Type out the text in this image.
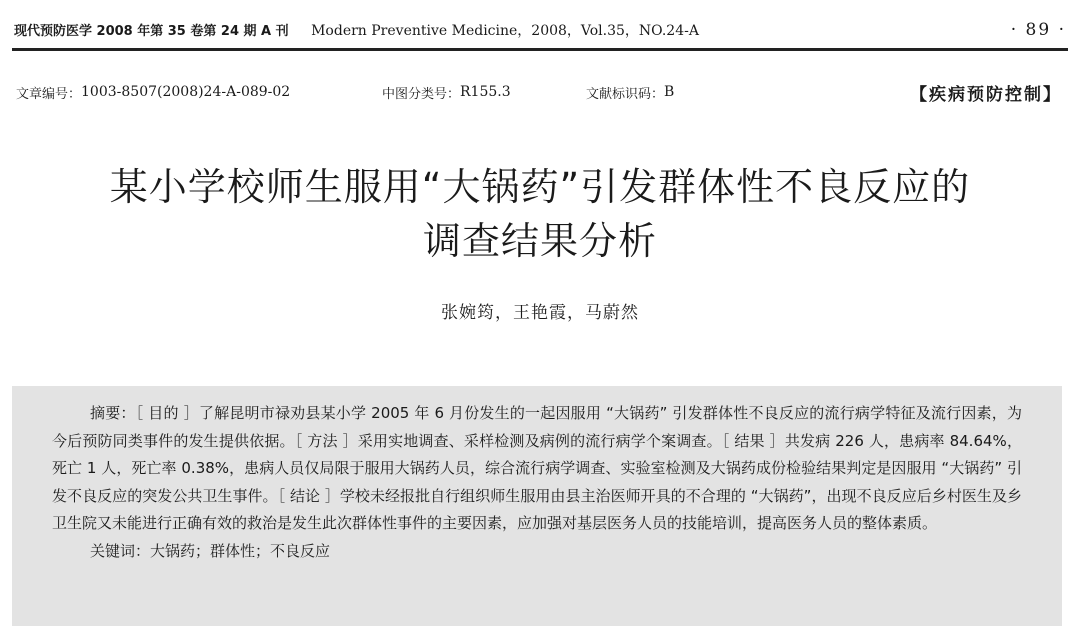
现代预防医学 2008 年第 35 卷第 24 期 A 刊 Modern Preventive Medicine，2008，Vol.35，NO.24-A	· 89 ·
文章编号： 1003-8507(2008)24-A-089-02	中图分类号： R155.3	文献标识码： B	【疾病预防控制】
某小学校师生服用“大锅药”引发群体性不良反应的
调查结果分析
张婉筠，王艳霞，马蔚然

摘要：［ 目的 ］了解昆明市禄劝县某小学 2005 年 6 月份发生的一起因服用 “大锅药” 引发群体性不良反应的流行病学特征及流行因素，为今后预防同类事件的发生提供依据。［ 方法 ］采用实地调查、采样检测及病例的流行病学个案调查。［ 结果 ］共发病 226 人，患病率 84.64%，死亡 1 人，死亡率 0.38%，患病人员仅局限于服用大锅药人员，综合流行病学调查、实验室检测及大锅药成份检验结果判定是因服用 “大锅药” 引发不良反应的突发公共卫生事件。［ 结论 ］学校未经报批自行组织师生服用由县主治医师开具的不合理的 “大锅药”，出现不良反应后乡村医生及乡卫生院又未能进行正确有效的救治是发生此次群体性事件的主要因素，应加强对基层医务人员的技能培训，提高医务人员的整体素质。

关键词：大锅药；群体性；不良反应
